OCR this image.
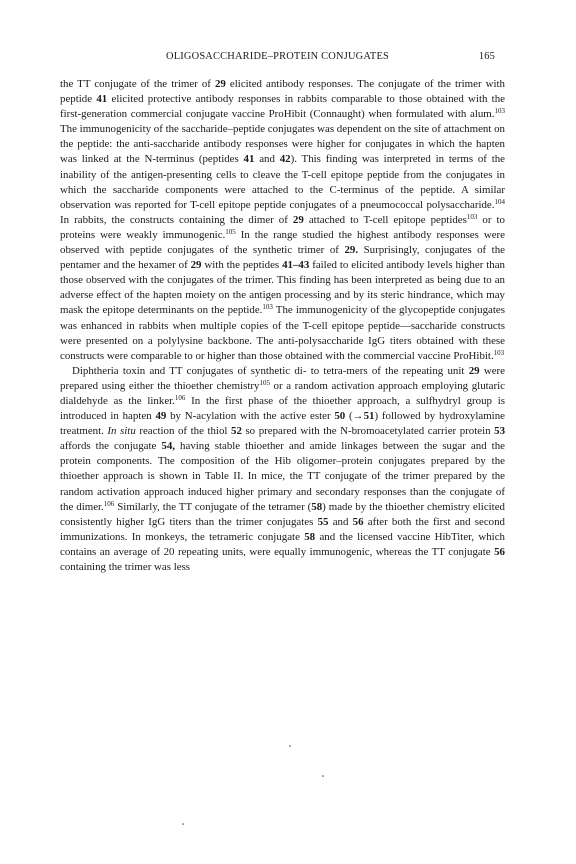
OLIGOSACCHARIDE–PROTEIN CONJUGATES	165

the TT conjugate of the trimer of 29 elicited antibody responses. The conjugate of the trimer with peptide 41 elicited protective antibody responses in rabbits comparable to those obtained with the first-generation commercial conjugate vaccine ProHibit (Connaught) when formulated with alum.$^{103}$ The immunogenicity of the saccharide–peptide conjugates was dependent on the site of attachment on the peptide: the anti-saccharide antibody responses were higher for conjugates in which the hapten was linked at the N-terminus (peptides 41 and 42). This finding was interpreted in terms of the inability of the antigen-presenting cells to cleave the T-cell epitope peptide from the conjugates in which the saccharide components were attached to the C-terminus of the peptide. A similar observation was reported for T-cell epitope peptide conjugates of a pneumococcal polysaccharide.$^{104}$ In rabbits, the constructs containing the dimer of 29 attached to T-cell epitope peptides$^{103}$ or to proteins were weakly immunogenic.$^{105}$ In the range studied the highest antibody responses were observed with peptide conjugates of the synthetic trimer of 29. Surprisingly, conjugates of the pentamer and the hexamer of 29 with the peptides 41–43 failed to elicited antibody levels higher than those observed with the conjugates of the trimer. This finding has been interpreted as being due to an adverse effect of the hapten moiety on the antigen processing and by its steric hindrance, which may mask the epitope determinants on the peptide.$^{103}$ The immunogenicity of the glycopeptide conjugates was enhanced in rabbits when multiple copies of the T-cell epitope peptide—saccharide constructs were presented on a polylysine backbone. The anti-polysaccharide IgG titers obtained with these constructs were comparable to or higher than those obtained with the commercial vaccine ProHibit.$^{103}$

Diphtheria toxin and TT conjugates of synthetic di- to tetra-mers of the repeating unit 29 were prepared using either the thioether chemistry$^{105}$ or a random activation approach employing glutaric dialdehyde as the linker.$^{106}$ In the first phase of the thioether approach, a sulfhydryl group is introduced in hapten 49 by N-acylation with the active ester 50 (→51) followed by hydroxylamine treatment. In situ reaction of the thiol 52 so prepared with the N-bromoacetylated carrier protein 53 affords the conjugate 54, having stable thioether and amide linkages between the sugar and the protein components. The composition of the Hib oligomer–protein conjugates prepared by the thioether approach is shown in Table II. In mice, the TT conjugate of the trimer prepared by the random activation approach induced higher primary and secondary responses than the conjugate of the dimer.$^{106}$ Similarly, the TT conjugate of the tetramer (58) made by the thioether chemistry elicited consistently higher IgG titers than the trimer conjugates 55 and 56 after both the first and second immunizations. In monkeys, the tetrameric conjugate 58 and the licensed vaccine HibTiter, which contains an average of 20 repeating units, were equally immunogenic, whereas the TT conjugate 56 containing the trimer was less
